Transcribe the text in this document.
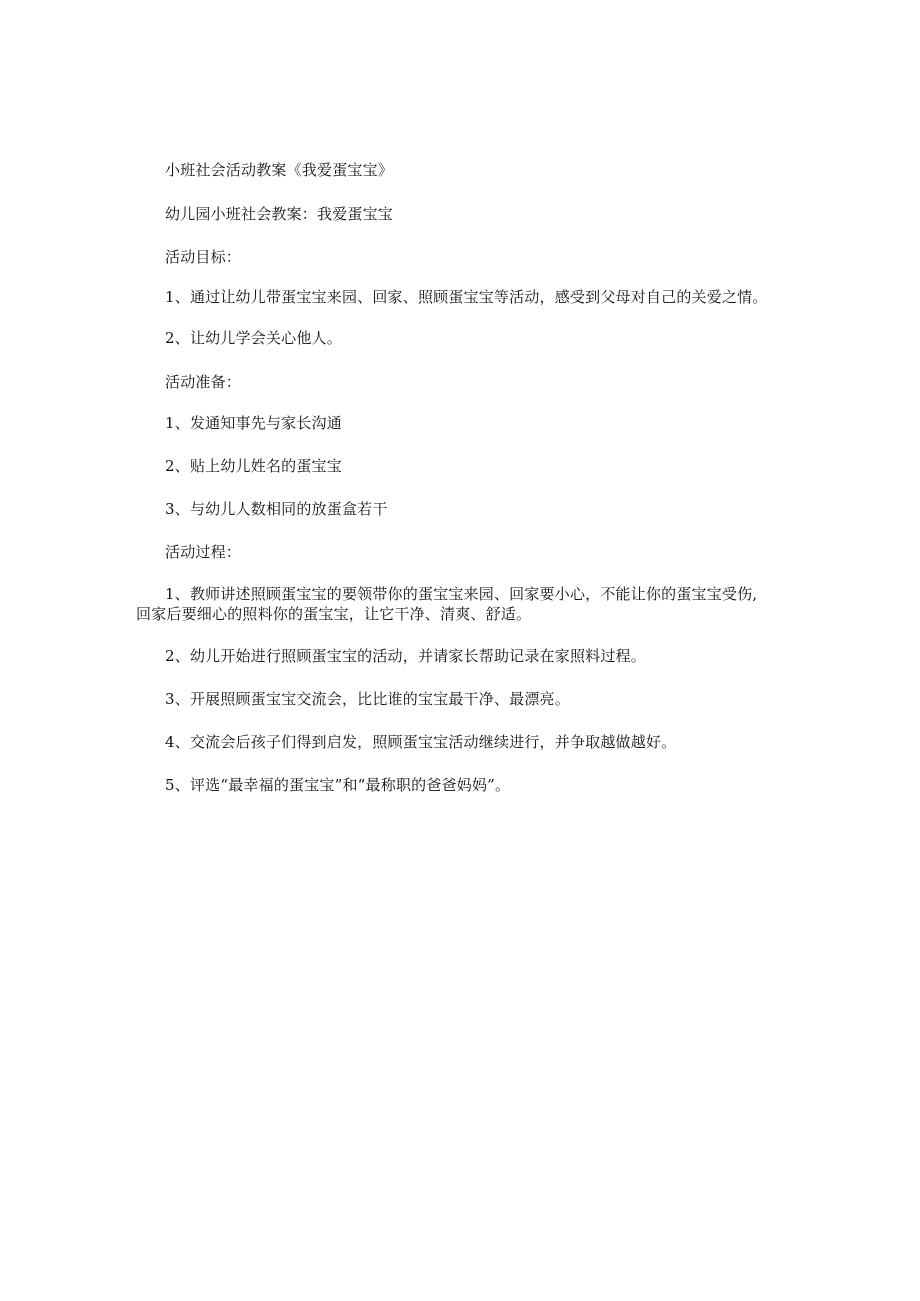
小班社会活动教案《我爱蛋宝宝》
幼儿园小班社会教案：我爱蛋宝宝
活动目标：
1、通过让幼儿带蛋宝宝来园、回家、照顾蛋宝宝等活动，感受到父母对自己的关爱之情。
2、让幼儿学会关心他人。
活动准备：
1、发通知事先与家长沟通
2、贴上幼儿姓名的蛋宝宝
3、与幼儿人数相同的放蛋盒若干
活动过程：
1、教师讲述照顾蛋宝宝的要领带你的蛋宝宝来园、回家要小心，不能让你的蛋宝宝受伤,
回家后要细心的照料你的蛋宝宝，让它干净、清爽、舒适。
2、幼儿开始进行照顾蛋宝宝的活动，并请家长帮助记录在家照料过程。
3、开展照顾蛋宝宝交流会，比比谁的宝宝最干净、最漂亮。
4、交流会后孩子们得到启发，照顾蛋宝宝活动继续进行，并争取越做越好。
5、评选“最幸福的蛋宝宝”和“最称职的爸爸妈妈”。
